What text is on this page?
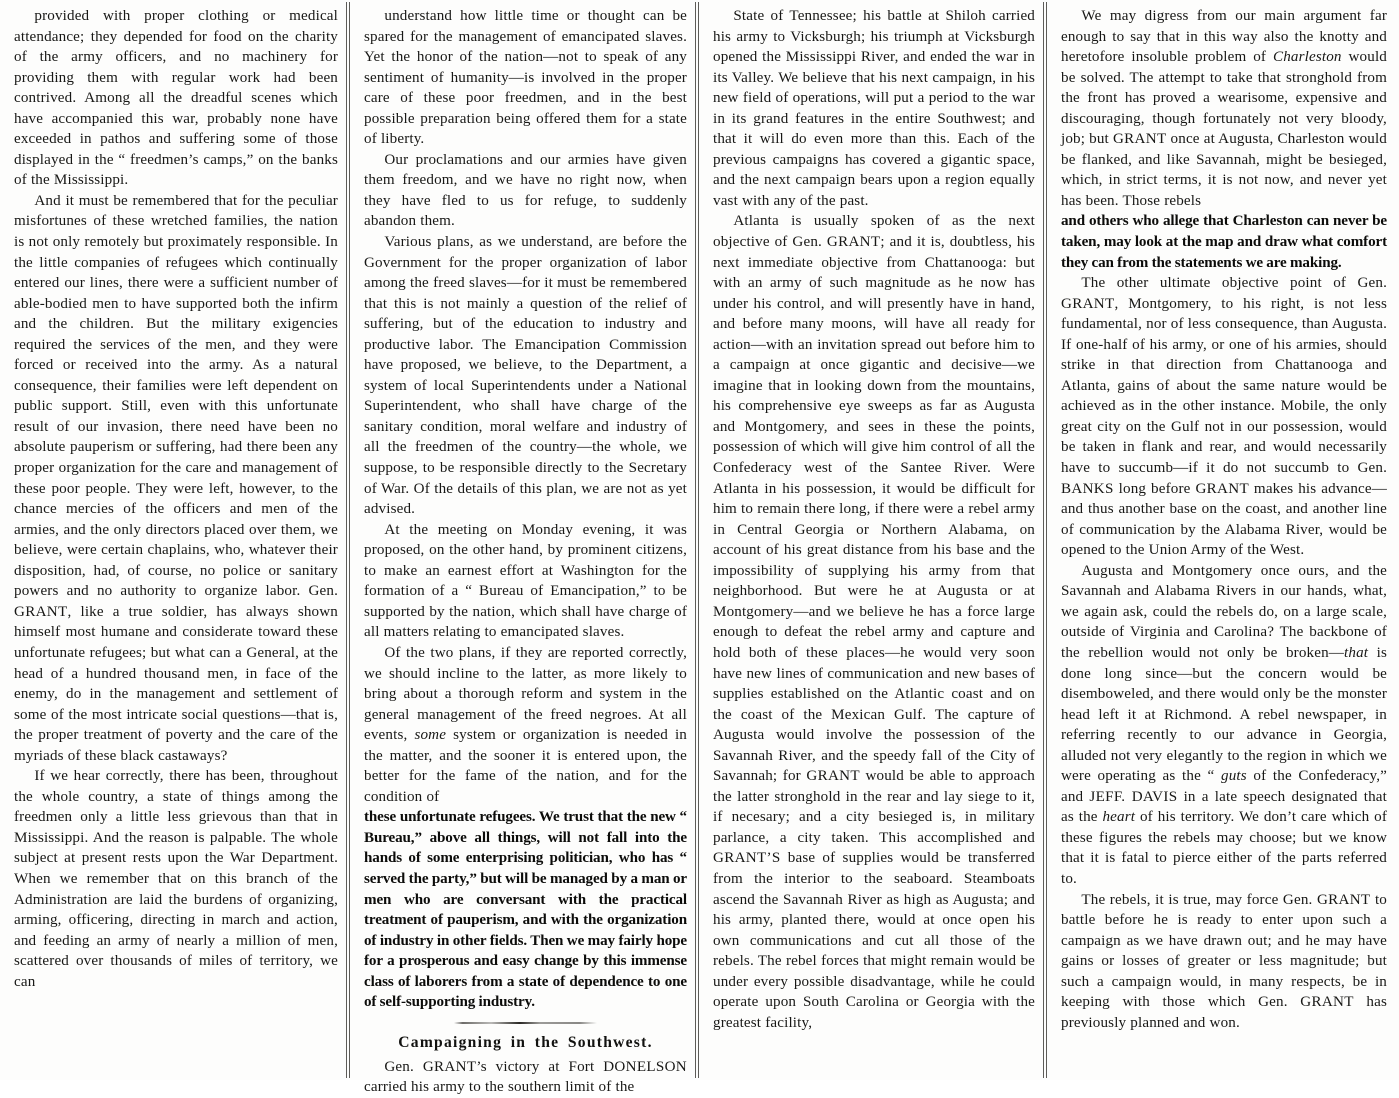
provided with proper clothing or medical attendance; they depended for food on the charity of the army officers, and no machinery for providing them with regular work had been contrived. Among all the dreadful scenes which have accompanied this war, probably none have exceeded in pathos and suffering some of those displayed in the “ freedmen’s camps,” on the banks of the Mississippi.

And it must be remembered that for the peculiar misfortunes of these wretched families, the nation is not only remotely but proximately responsible. In the little companies of refugees which continually entered our lines, there were a sufficient number of able-bodied men to have supported both the infirm and the children. But the military exigencies required the services of the men, and they were forced or received into the army. As a natural consequence, their families were left dependent on public support. Still, even with this unfortunate result of our invasion, there need have been no absolute pauperism or suffering, had there been any proper organization for the care and management of these poor people. They were left, however, to the chance mercies of the officers and men of the armies, and the only directors placed over them, we believe, were certain chaplains, who, whatever their disposition, had, of course, no police or sanitary powers and no authority to organize labor. Gen. GRANT, like a true soldier, has always shown himself most humane and considerate toward these unfortunate refugees; but what can a General, at the head of a hundred thousand men, in face of the enemy, do in the management and settlement of some of the most intricate social questions—that is, the proper treatment of poverty and the care of the myriads of these black castaways?

If we hear correctly, there has been, throughout the whole country, a state of things among the freedmen only a little less grievous than that in Mississippi. And the reason is palpable. The whole subject at present rests upon the War Department. When we remember that on this branch of the Administration are laid the burdens of organizing, arming, officering, directing in march and action, and feeding an army of nearly a million of men, scattered over thousands of miles of territory, we can

understand how little time or thought can be spared for the management of emancipated slaves. Yet the honor of the nation—not to speak of any sentiment of humanity—is involved in the proper care of these poor freedmen, and in the best possible preparation being offered them for a state of liberty.

Our proclamations and our armies have given them freedom, and we have no right now, when they have fled to us for refuge, to suddenly abandon them.

Various plans, as we understand, are before the Government for the proper organization of labor among the freed slaves—for it must be remembered that this is not mainly a question of the relief of suffering, but of the education to industry and productive labor. The Emancipation Commission have proposed, we believe, to the Department, a system of local Superintendents under a National Superintendent, who shall have charge of the sanitary condition, moral welfare and industry of all the freedmen of the country—the whole, we suppose, to be responsible directly to the Secretary of War. Of the details of this plan, we are not as yet advised.

At the meeting on Monday evening, it was proposed, on the other hand, by prominent citizens, to make an earnest effort at Washington for the formation of a “ Bureau of Emancipation,” to be supported by the nation, which shall have charge of all matters relating to emancipated slaves.

Of the two plans, if they are reported correctly, we should incline to the latter, as more likely to bring about a thorough reform and system in the general management of the freed negroes. At all events, some system or organization is needed in the matter, and the sooner it is entered upon, the better for the fame of the nation, and for the condition of

these unfortunate refugees. We trust that the new “ Bureau,” above all things, will not fall into the hands of some enterprising politician, who has “ served the party,” but will be managed by a man or men who are conversant with the practical treatment of pauperism, and with the organization of industry in other fields. Then we may fairly hope for a prosperous and easy change by this immense class of laborers from a state of dependence to one of self-supporting industry.

Campaigning in the Southwest.

Gen. GRANT’s victory at Fort DONELSON carried his army to the southern limit of the

State of Tennessee; his battle at Shiloh carried his army to Vicksburgh; his triumph at Vicksburgh opened the Mississippi River, and ended the war in its Valley. We believe that his next campaign, in his new field of operations, will put a period to the war in its grand features in the entire Southwest; and that it will do even more than this. Each of the previous campaigns has covered a gigantic space, and the next campaign bears upon a region equally vast with any of the past.

Atlanta is usually spoken of as the next objective of Gen. GRANT; and it is, doubtless, his next immediate objective from Chattanooga: but with an army of such magnitude as he now has under his control, and will presently have in hand, and before many moons, will have all ready for action—with an invitation spread out before him to a campaign at once gigantic and decisive—we imagine that in looking down from the mountains, his comprehensive eye sweeps as far as Augusta and Montgomery, and sees in these the points, possession of which will give him control of all the Confederacy west of the Santee River. Were Atlanta in his possession, it would be difficult for him to remain there long, if there were a rebel army in Central Georgia or Northern Alabama, on account of his great distance from his base and the impossibility of supplying his army from that neighborhood. But were he at Augusta or at Montgomery—and we believe he has a force large enough to defeat the rebel army and capture and hold both of these places—he would very soon have new lines of communication and new bases of supplies established on the Atlantic coast and on the coast of the Mexican Gulf. The capture of Augusta would involve the possession of the Savannah River, and the speedy fall of the City of Savannah; for GRANT would be able to approach the latter stronghold in the rear and lay siege to it, if necesary; and a city besieged is, in military parlance, a city taken. This accomplished and GRANT’S base of supplies would be transferred from the interior to the seaboard. Steamboats ascend the Savannah River as high as Augusta; and his army, planted there, would at once open his own communications and cut all those of the rebels. The rebel forces that might remain would be under every possible disadvantage, while he could operate upon South Carolina or Georgia with the greatest facility,

We may digress from our main argument far enough to say that in this way also the knotty and heretofore insoluble problem of Charleston would be solved. The attempt to take that stronghold from the front has proved a wearisome, expensive and discouraging, though fortunately not very bloody, job; but GRANT once at Augusta, Charleston would be flanked, and like Savannah, might be besieged, which, in strict terms, it is not now, and never yet has been. Those rebels

and others who allege that Charleston can never be taken, may look at the map and draw what comfort they can from the statements we are making.

The other ultimate objective point of Gen. GRANT, Montgomery, to his right, is not less fundamental, nor of less consequence, than Augusta. If one-half of his army, or one of his armies, should strike in that direction from Chattanooga and Atlanta, gains of about the same nature would be achieved as in the other instance. Mobile, the only great city on the Gulf not in our possession, would be taken in flank and rear, and would necessarily have to succumb—if it do not succumb to Gen. BANKS long before GRANT makes his advance—and thus another base on the coast, and another line of communication by the Alabama River, would be opened to the Union Army of the West.

Augusta and Montgomery once ours, and the Savannah and Alabama Rivers in our hands, what, we again ask, could the rebels do, on a large scale, outside of Virginia and Carolina? The backbone of the rebellion would not only be broken—that is done long since—but the concern would be disemboweled, and there would only be the monster head left it at Richmond. A rebel newspaper, in referring recently to our advance in Georgia, alluded not very elegantly to the region in which we were operating as the “ guts of the Confederacy,” and JEFF. DAVIS in a late speech designated that as the heart of his territory. We don’t care which of these figures the rebels may choose; but we know that it is fatal to pierce either of the parts referred to.

The rebels, it is true, may force Gen. GRANT to battle before he is ready to enter upon such a campaign as we have drawn out; and he may have gains or losses of greater or less magnitude; but such a campaign would, in many respects, be in keeping with those which Gen. GRANT has previously planned and won.
